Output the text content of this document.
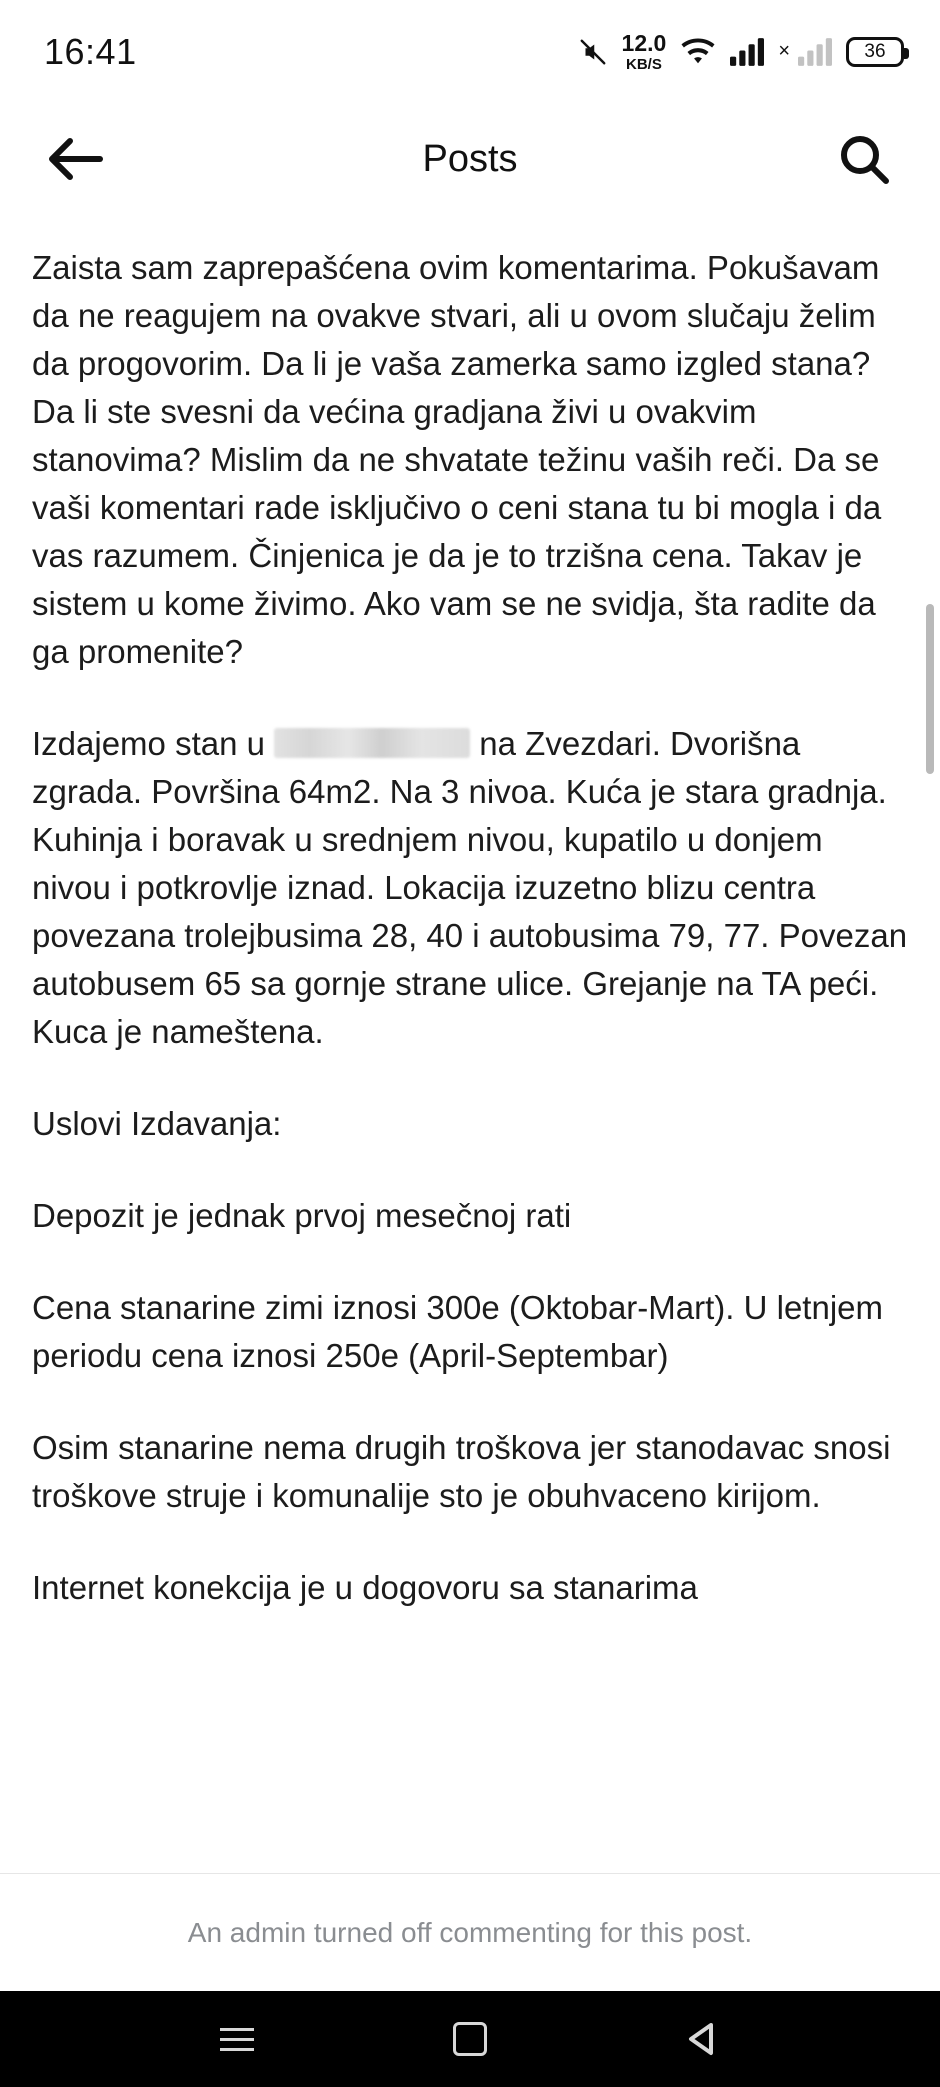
16:41	12.0
KB/S
×	36
Posts

Zaista sam zaprepašćena ovim komentarima. Pokušavam da ne reagujem na ovakve stvari, ali u ovom slučaju želim da progovorim. Da li je vaša zamerka samo izgled stana? Da li ste svesni da većina gradjana živi u ovakvim stanovima? Mislim da ne shvatate težinu vaših reči. Da se vaši komentari rade isključivo o ceni stana tu bi mogla i da vas razumem. Činjenica je da je to trzišna cena. Takav je sistem u kome živimo. Ako vam se ne svidja, šta radite da ga promenite?

Izdajemo stan u	na Zvezdari. Dvorišna zgrada. Površina 64m2. Na 3 nivoa. Kuća je stara gradnja. Kuhinja i boravak u srednjem nivou, kupatilo u donjem nivou i potkrovlje iznad. Lokacija izuzetno blizu centra povezana trolejbusima 28, 40 i autobusima 79, 77. Povezan autobusem 65 sa gornje strane ulice. Grejanje na TA peći. Kuca je nameštena.

Uslovi Izdavanja:

Depozit je jednak prvoj mesečnoj rati

Cena stanarine zimi iznosi 300e (Oktobar-Mart). U letnjem periodu cena iznosi 250e (April-Septembar)

Osim stanarine nema drugih troškova jer stanodavac snosi troškove struje i komunalije sto je obuhvaceno kirijom.

Internet konekcija je u dogovoru sa stanarima

An admin turned off commenting for this post.
